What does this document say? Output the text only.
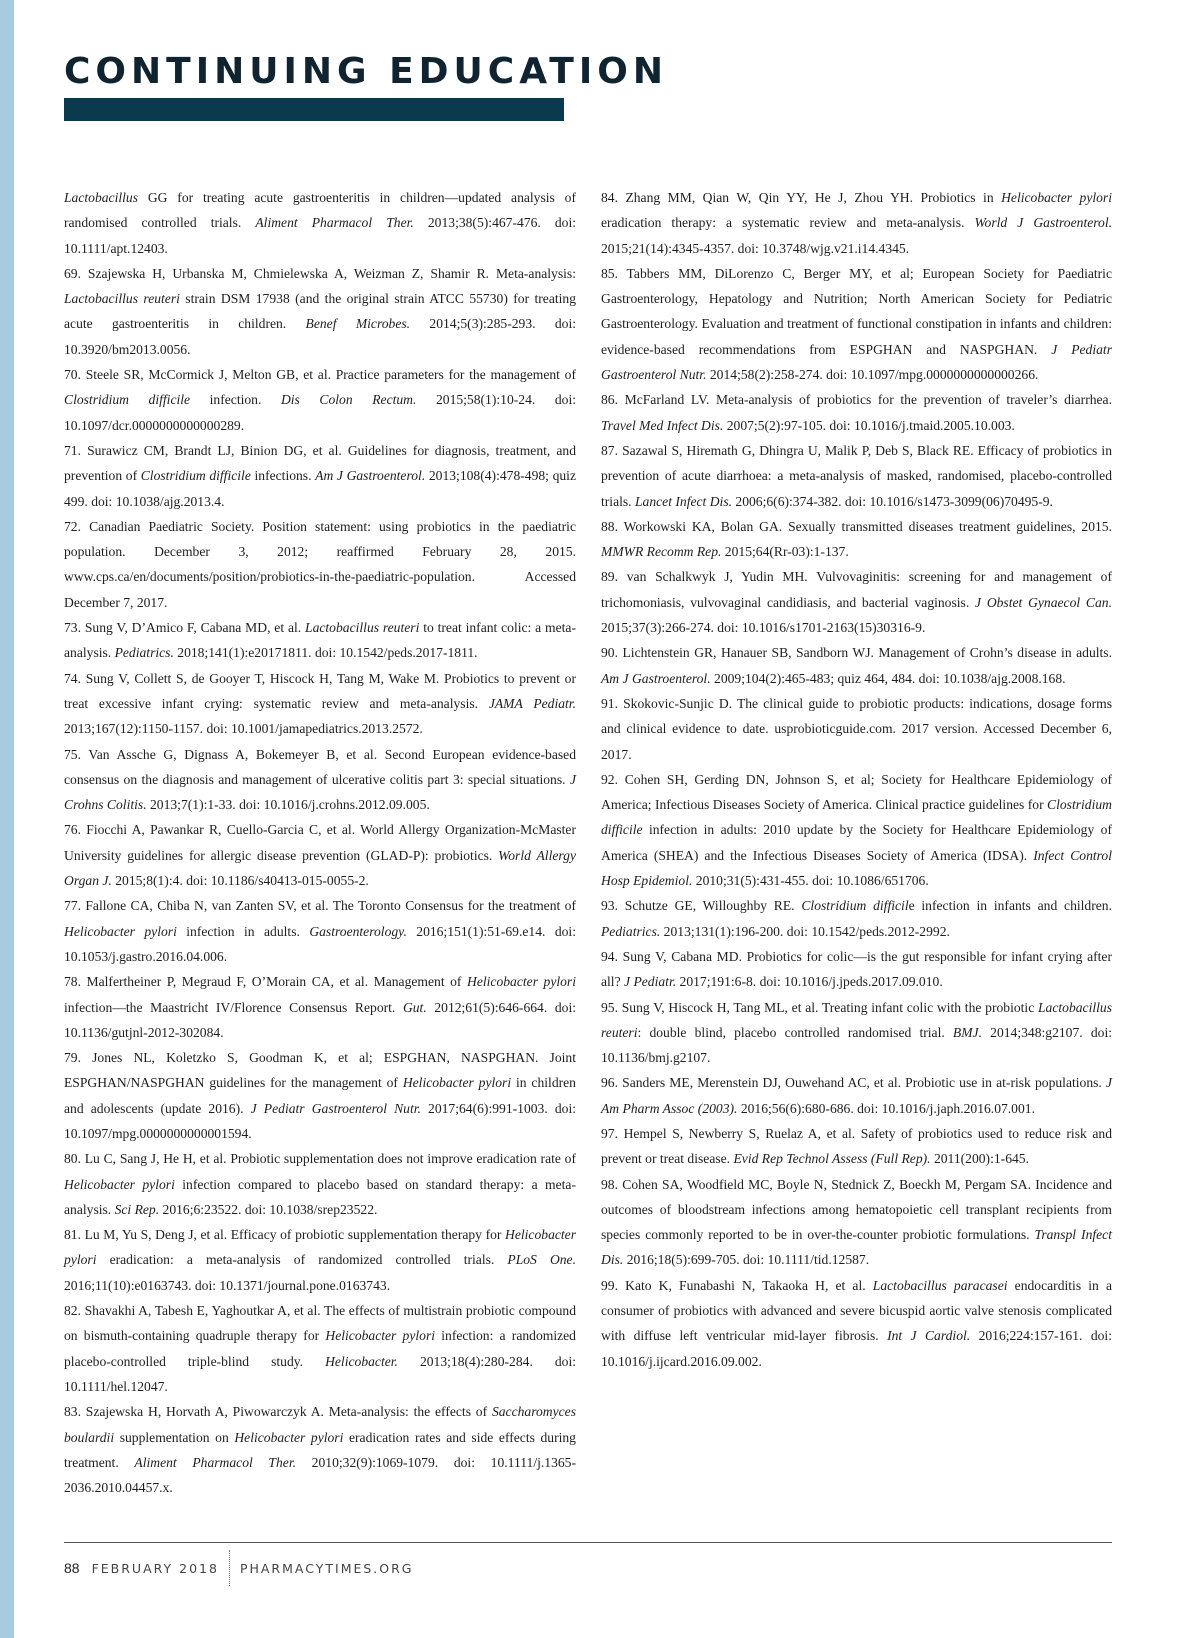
CONTINUING EDUCATION

Lactobacillus GG for treating acute gastroenteritis in children—updated analysis of randomised controlled trials. Aliment Pharmacol Ther. 2013;38(5):467-476. doi: 10.1111/apt.12403.

69. Szajewska H, Urbanska M, Chmielewska A, Weizman Z, Shamir R. Meta-analysis: Lactobacillus reuteri strain DSM 17938 (and the original strain ATCC 55730) for treating acute gastroenteritis in children. Benef Microbes. 2014;5(3):285-293. doi: 10.3920/bm2013.0056.

70. Steele SR, McCormick J, Melton GB, et al. Practice parameters for the management of Clostridium difficile infection. Dis Colon Rectum. 2015;58(1):10-24. doi: 10.1097/dcr.0000000000000289.

71. Surawicz CM, Brandt LJ, Binion DG, et al. Guidelines for diagnosis, treatment, and prevention of Clostridium difficile infections. Am J Gastroenterol. 2013;108(4):478-498; quiz 499. doi: 10.1038/ajg.2013.4.

72. Canadian Paediatric Society. Position statement: using probiotics in the paediatric population. December 3, 2012; reaffirmed February 28, 2015. www.cps.ca/en/documents/position/probiotics-in-the-paediatric-population. Accessed December 7, 2017.

73. Sung V, D’Amico F, Cabana MD, et al. Lactobacillus reuteri to treat infant colic: a meta-analysis. Pediatrics. 2018;141(1):e20171811. doi: 10.1542/peds.2017-1811.

74. Sung V, Collett S, de Gooyer T, Hiscock H, Tang M, Wake M. Probiotics to prevent or treat excessive infant crying: systematic review and meta-analysis. JAMA Pediatr. 2013;167(12):1150-1157. doi: 10.1001/jamapediatrics.2013.2572.

75. Van Assche G, Dignass A, Bokemeyer B, et al. Second European evidence-based consensus on the diagnosis and management of ulcerative colitis part 3: special situations. J Crohns Colitis. 2013;7(1):1-33. doi: 10.1016/j.crohns.2012.09.005.

76. Fiocchi A, Pawankar R, Cuello-Garcia C, et al. World Allergy Organization-McMaster University guidelines for allergic disease prevention (GLAD-P): probiotics. World Allergy Organ J. 2015;8(1):4. doi: 10.1186/s40413-015-0055-2.

77. Fallone CA, Chiba N, van Zanten SV, et al. The Toronto Consensus for the treatment of Helicobacter pylori infection in adults. Gastroenterology. 2016;151(1):51-69.e14. doi: 10.1053/j.gastro.2016.04.006.

78. Malfertheiner P, Megraud F, O’Morain CA, et al. Management of Helicobacter pylori infection—the Maastricht IV/Florence Consensus Report. Gut. 2012;61(5):646-664. doi: 10.1136/gutjnl-2012-302084.

79. Jones NL, Koletzko S, Goodman K, et al; ESPGHAN, NASPGHAN. Joint ESPGHAN/NASPGHAN guidelines for the management of Helicobacter pylori in children and adolescents (update 2016). J Pediatr Gastroenterol Nutr. 2017;64(6):991-1003. doi: 10.1097/mpg.0000000000001594.

80. Lu C, Sang J, He H, et al. Probiotic supplementation does not improve eradication rate of Helicobacter pylori infection compared to placebo based on standard therapy: a meta-analysis. Sci Rep. 2016;6:23522. doi: 10.1038/srep23522.

81. Lu M, Yu S, Deng J, et al. Efficacy of probiotic supplementation therapy for Helicobacter pylori eradication: a meta-analysis of randomized controlled trials. PLoS One. 2016;11(10):e0163743. doi: 10.1371/journal.pone.0163743.

82. Shavakhi A, Tabesh E, Yaghoutkar A, et al. The effects of multistrain probiotic compound on bismuth-containing quadruple therapy for Helicobacter pylori infection: a randomized placebo-controlled triple-blind study. Helicobacter. 2013;18(4):280-284. doi: 10.1111/hel.12047.

83. Szajewska H, Horvath A, Piwowarczyk A. Meta-analysis: the effects of Saccharomyces boulardii supplementation on Helicobacter pylori eradication rates and side effects during treatment. Aliment Pharmacol Ther. 2010;32(9):1069-1079. doi: 10.1111/j.1365-2036.2010.04457.x.

84. Zhang MM, Qian W, Qin YY, He J, Zhou YH. Probiotics in Helicobacter pylori eradication therapy: a systematic review and meta-analysis. World J Gastroenterol. 2015;21(14):4345-4357. doi: 10.3748/wjg.v21.i14.4345.

85. Tabbers MM, DiLorenzo C, Berger MY, et al; European Society for Paediatric Gastroenterology, Hepatology and Nutrition; North American Society for Pediatric Gastroenterology. Evaluation and treatment of functional constipation in infants and children: evidence-based recommendations from ESPGHAN and NASPGHAN. J Pediatr Gastroenterol Nutr. 2014;58(2):258-274. doi: 10.1097/mpg.0000000000000266.

86. McFarland LV. Meta-analysis of probiotics for the prevention of traveler’s diarrhea. Travel Med Infect Dis. 2007;5(2):97-105. doi: 10.1016/j.tmaid.2005.10.003.

87. Sazawal S, Hiremath G, Dhingra U, Malik P, Deb S, Black RE. Efficacy of probiotics in prevention of acute diarrhoea: a meta-analysis of masked, randomised, placebo-controlled trials. Lancet Infect Dis. 2006;6(6):374-382. doi: 10.1016/s1473-3099(06)70495-9.

88. Workowski KA, Bolan GA. Sexually transmitted diseases treatment guidelines, 2015. MMWR Recomm Rep. 2015;64(Rr-03):1-137.

89. van Schalkwyk J, Yudin MH. Vulvovaginitis: screening for and management of trichomoniasis, vulvovaginal candidiasis, and bacterial vaginosis. J Obstet Gynaecol Can. 2015;37(3):266-274. doi: 10.1016/s1701-2163(15)30316-9.

90. Lichtenstein GR, Hanauer SB, Sandborn WJ. Management of Crohn’s disease in adults. Am J Gastroenterol. 2009;104(2):465-483; quiz 464, 484. doi: 10.1038/ajg.2008.168.

91. Skokovic-Sunjic D. The clinical guide to probiotic products: indications, dosage forms and clinical evidence to date. usprobioticguide.com. 2017 version. Accessed December 6, 2017.

92. Cohen SH, Gerding DN, Johnson S, et al; Society for Healthcare Epidemiology of America; Infectious Diseases Society of America. Clinical practice guidelines for Clostridium difficile infection in adults: 2010 update by the Society for Healthcare Epidemiology of America (SHEA) and the Infectious Diseases Society of America (IDSA). Infect Control Hosp Epidemiol. 2010;31(5):431-455. doi: 10.1086/651706.

93. Schutze GE, Willoughby RE. Clostridium difficile infection in infants and children. Pediatrics. 2013;131(1):196-200. doi: 10.1542/peds.2012-2992.

94. Sung V, Cabana MD. Probiotics for colic—is the gut responsible for infant crying after all? J Pediatr. 2017;191:6-8. doi: 10.1016/j.jpeds.2017.09.010.

95. Sung V, Hiscock H, Tang ML, et al. Treating infant colic with the probiotic Lactobacillus reuteri: double blind, placebo controlled randomised trial. BMJ. 2014;348:g2107. doi: 10.1136/bmj.g2107.

96. Sanders ME, Merenstein DJ, Ouwehand AC, et al. Probiotic use in at-risk populations. J Am Pharm Assoc (2003). 2016;56(6):680-686. doi: 10.1016/j.japh.2016.07.001.

97. Hempel S, Newberry S, Ruelaz A, et al. Safety of probiotics used to reduce risk and prevent or treat disease. Evid Rep Technol Assess (Full Rep). 2011(200):1-645.

98. Cohen SA, Woodfield MC, Boyle N, Stednick Z, Boeckh M, Pergam SA. Incidence and outcomes of bloodstream infections among hematopoietic cell transplant recipients from species commonly reported to be in over-the-counter probiotic formulations. Transpl Infect Dis. 2016;18(5):699-705. doi: 10.1111/tid.12587.

99. Kato K, Funabashi N, Takaoka H, et al. Lactobacillus paracasei endocarditis in a consumer of probiotics with advanced and severe bicuspid aortic valve stenosis complicated with diffuse left ventricular mid-layer fibrosis. Int J Cardiol. 2016;224:157-161. doi: 10.1016/j.ijcard.2016.09.002.

88 FEBRUARY 2018 PHARMACYTIMES.ORG
